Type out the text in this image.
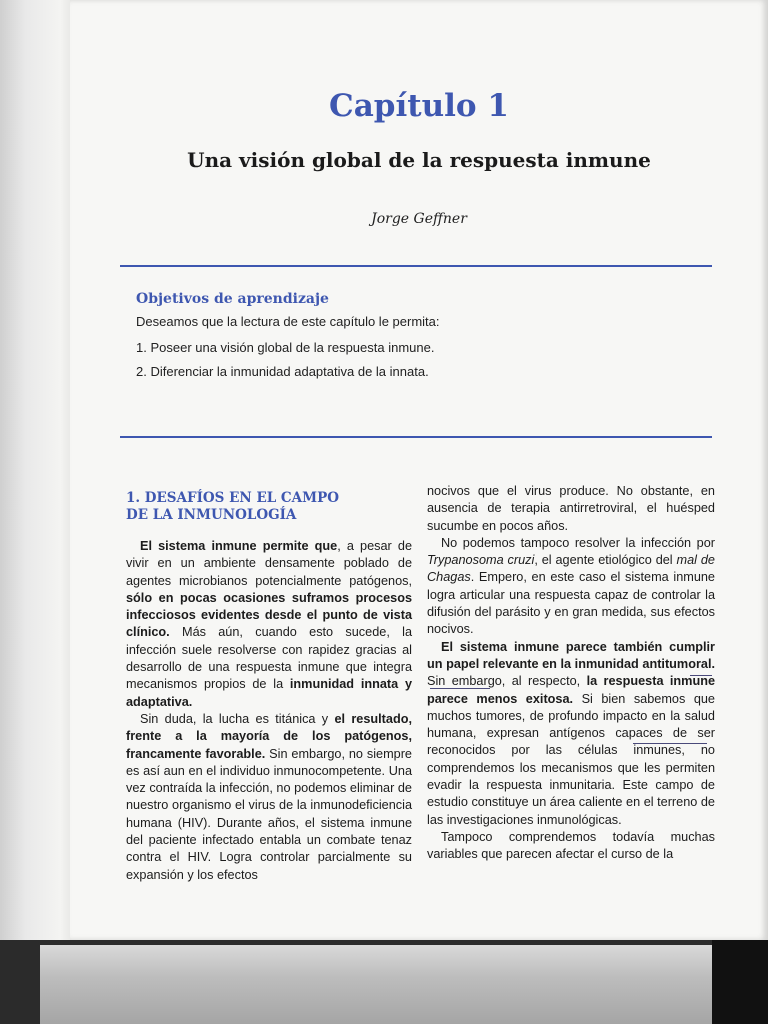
Capítulo 1
Una visión global de la respuesta inmune
Jorge Geffner
Objetivos de aprendizaje
Deseamos que la lectura de este capítulo le permita:
1. Poseer una visión global de la respuesta inmune.
2. Diferenciar la inmunidad adaptativa de la innata.
1. DESAFÍOS EN EL CAMPO
DE LA INMUNOLOGÍA

El sistema inmune permite que, a pesar de vivir en un ambiente densamente poblado de agentes microbianos potencialmente patógenos, sólo en pocas ocasiones suframos procesos infecciosos evidentes desde el punto de vista clínico. Más aún, cuando esto sucede, la infección suele resolverse con rapidez gracias al desarrollo de una respuesta inmune que integra mecanismos propios de la inmunidad innata y adaptativa.

Sin duda, la lucha es titánica y el resultado, frente a la mayoría de los patógenos, francamente favorable. Sin embargo, no siempre es así aun en el individuo inmunocompetente. Una vez contraída la infección, no podemos eliminar de nuestro organismo el virus de la inmunodeficiencia humana (HIV). Durante años, el sistema inmune del paciente infectado entabla un combate tenaz contra el HIV. Logra controlar parcialmente su expansión y los efectos

nocivos que el virus produce. No obstante, en ausencia de terapia antirretroviral, el huésped sucumbe en pocos años.

No podemos tampoco resolver la infección por Trypanosoma cruzi, el agente etiológico del mal de Chagas. Empero, en este caso el sistema inmune logra articular una respuesta capaz de controlar la difusión del parásito y en gran medida, sus efectos nocivos.

El sistema inmune parece también cumplir un papel relevante en la inmunidad antitumoral. Sin embargo, al respecto, la respuesta inmune parece menos exitosa. Si bien sabemos que muchos tumores, de profundo impacto en la salud humana, expresan antígenos capaces de ser reconocidos por las células inmunes, no comprendemos los mecanismos que les permiten evadir la respuesta inmunitaria. Este campo de estudio constituye un área caliente en el terreno de las investigaciones inmunológicas.

Tampoco comprendemos todavía muchas variables que parecen afectar el curso de la
